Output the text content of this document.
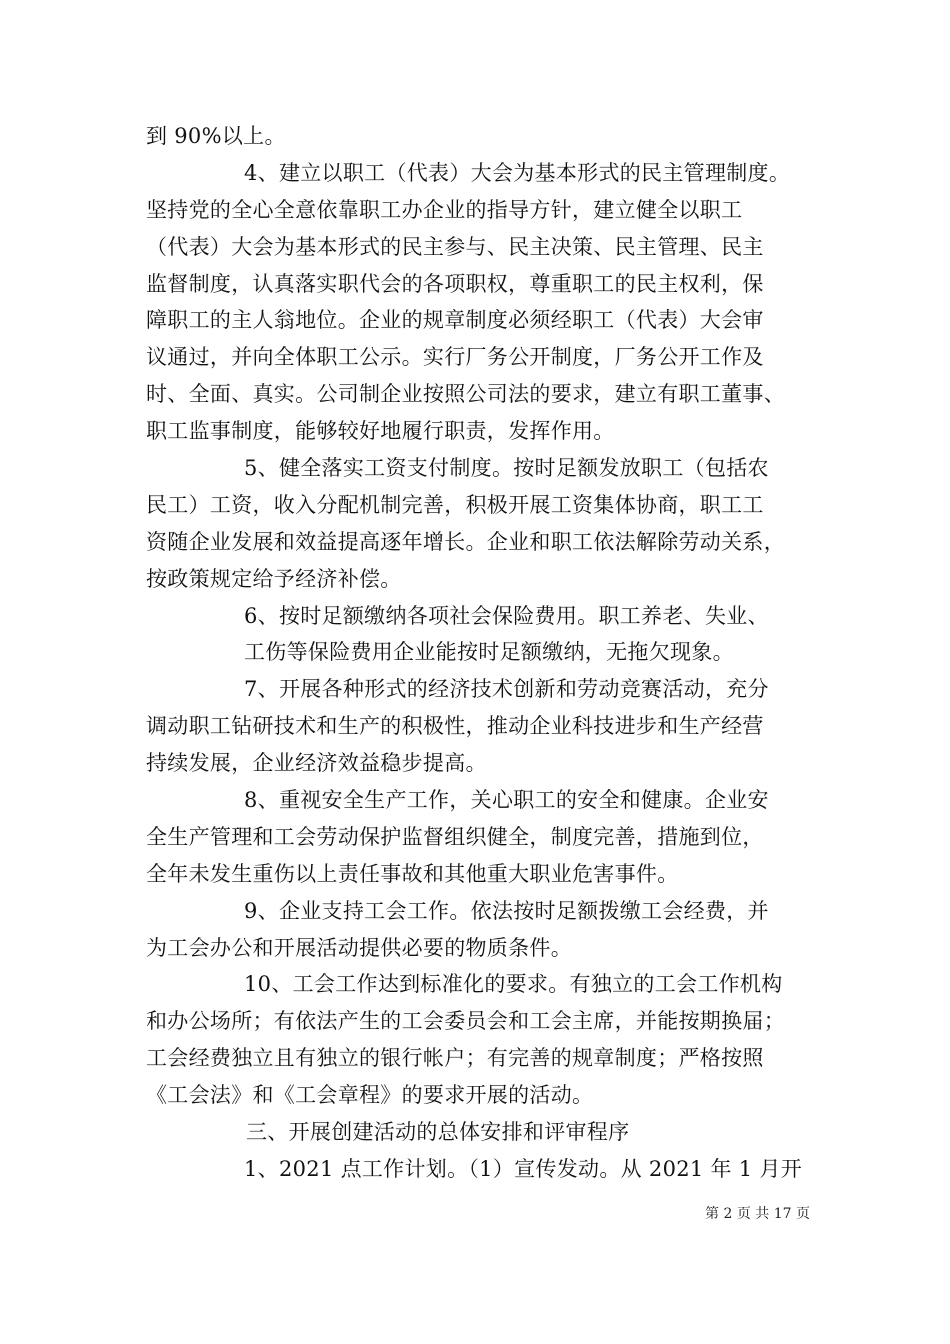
到 90%以上。
4、建立以职工（代表）大会为基本形式的民主管理制度。
坚持党的全心全意依靠职工办企业的指导方针，建立健全以职工
（代表）大会为基本形式的民主参与、民主决策、民主管理、民主
监督制度，认真落实职代会的各项职权，尊重职工的民主权利，保
障职工的主人翁地位。企业的规章制度必须经职工（代表）大会审
议通过，并向全体职工公示。实行厂务公开制度，厂务公开工作及
时、全面、真实。公司制企业按照公司法的要求，建立有职工董事、
职工监事制度，能够较好地履行职责，发挥作用。
5、健全落实工资支付制度。按时足额发放职工（包括农
民工）工资，收入分配机制完善，积极开展工资集体协商，职工工
资随企业发展和效益提高逐年增长。企业和职工依法解除劳动关系，
按政策规定给予经济补偿。
6、按时足额缴纳各项社会保险费用。职工养老、失业、
工伤等保险费用企业能按时足额缴纳，无拖欠现象。
7、开展各种形式的经济技术创新和劳动竞赛活动，充分
调动职工钻研技术和生产的积极性，推动企业科技进步和生产经营
持续发展，企业经济效益稳步提高。
8、重视安全生产工作，关心职工的安全和健康。企业安
全生产管理和工会劳动保护监督组织健全，制度完善，措施到位，
全年未发生重伤以上责任事故和其他重大职业危害事件。
9、企业支持工会工作。依法按时足额拨缴工会经费，并
为工会办公和开展活动提供必要的物质条件。
10、工会工作达到标准化的要求。有独立的工会工作机构
和办公场所；有依法产生的工会委员会和工会主席，并能按期换届；
工会经费独立且有独立的银行帐户；有完善的规章制度；严格按照
《工会法》和《工会章程》的要求开展的活动。
三、开展创建活动的总体安排和评审程序
1、2021 点工作计划。（1）宣传发动。从 2021 年 1 月开
第 2 页 共 17 页
